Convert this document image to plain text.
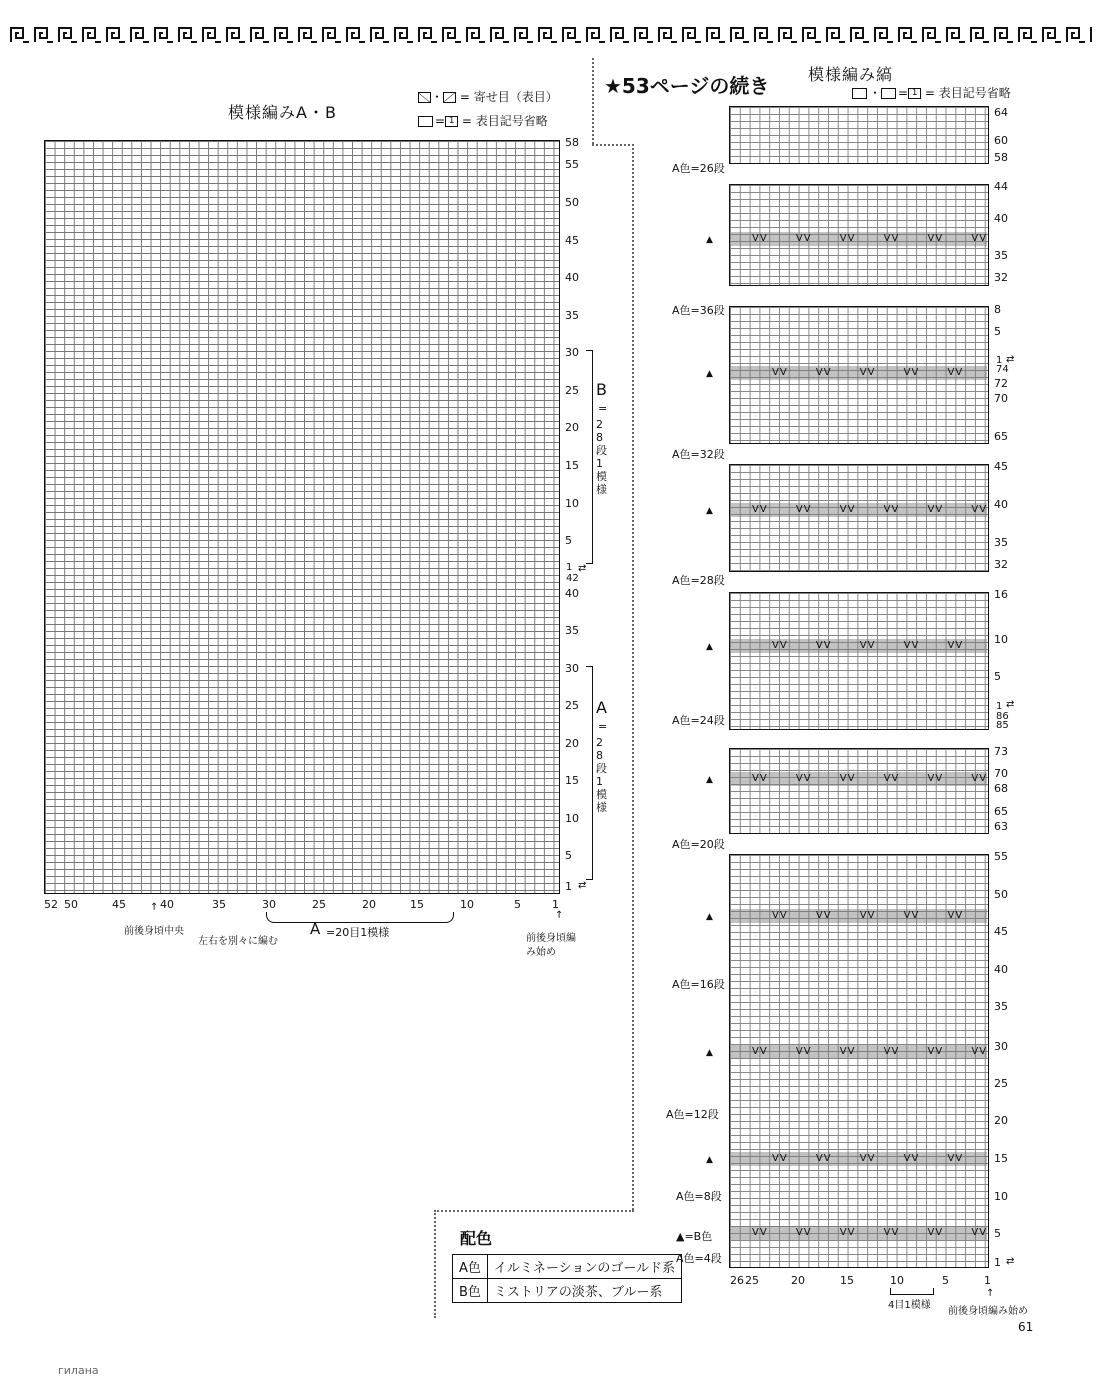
模様編みA・B
・ = 寄せ目（表目）
= 1 = 表目記号省略
58
55
50
45
40
35
30
25
20
15
10
5
1
42
40
35
30
25
20
15
10
5
1
⇄
⇄
B
=
28段1模様
A
=
28段1模様
52 50	45	40	35	30	25	20	15	10	5	1
↑
前後身頃中央
左右を別々に編む
A =20目1模様
↑
前後身頃編み始め
★53ページの続き 模様編み縞
・ = 1 = 表目記号省略
VV	VV	VV	VV	VV	VV
VV	VV	VV	VV	VV
VV	VV	VV	VV	VV	VV
VV	VV	VV	VV	VV
VV	VV	VV	VV	VV	VV
VV	VV	VV	VV	VV
VV	VV	VV	VV	VV	VV
VV	VV	VV	VV	VV
VV	VV	VV	VV	VV	VV
▲
▲
▲
▲
▲
▲
▲
▲
A色=26段
A色=36段
A色=32段
A色=28段
A色=24段
A色=20段
A色=16段
A色=12段
A色=8段
▲=B色
A色=4段
64
60
58
44
40
35
32
8
5
1
74
72
70
65
45
40
35
32
16
10
5
1
86
85
73
70
68
65
63
55
50
45
40
35
30
25
20
15
10
5
1
⇄
⇄
⇄
26 25	20	15	10	5	1
4目1模様
↑
前後身頃編み始め
配色
A色	イルミネーションのゴールド系
B色	ミストリアの淡茶、ブルー系
61
гилана
